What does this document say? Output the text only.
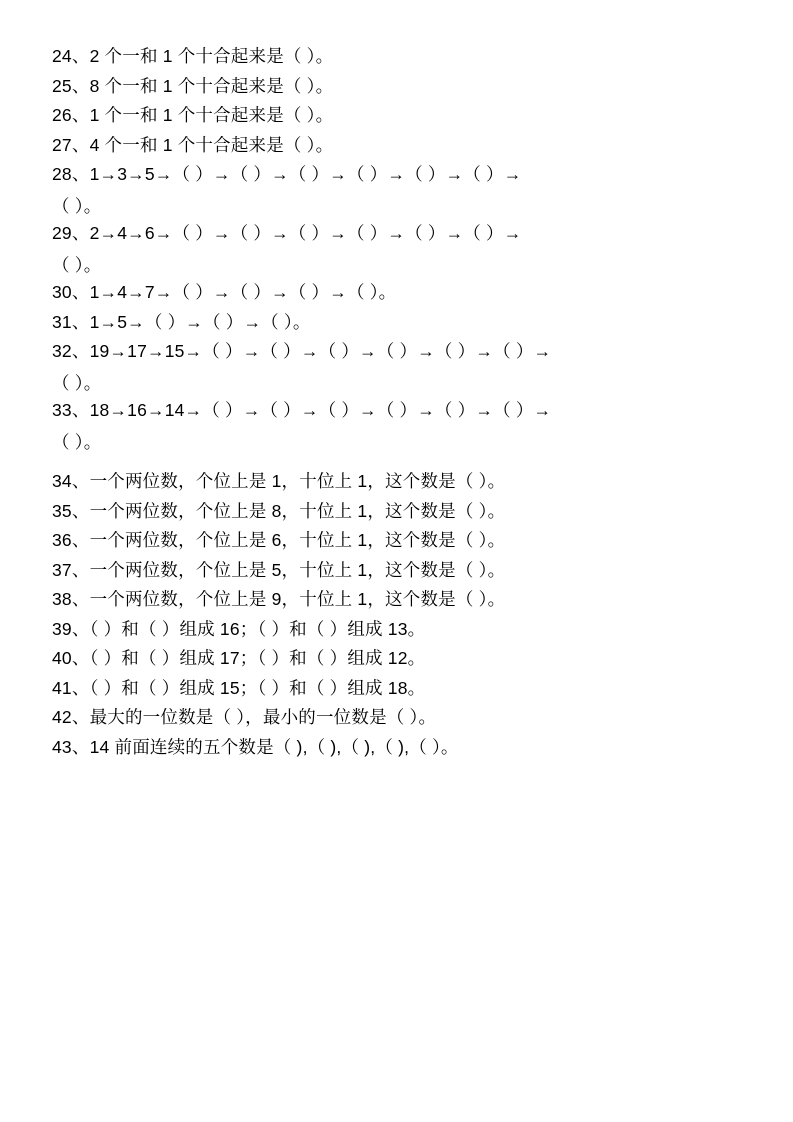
24、2 个一和 1 个十合起来是（ ）。
25、8 个一和 1 个十合起来是（ ）。
26、1 个一和 1 个十合起来是（ ）。
27、4 个一和 1 个十合起来是（ ）。
28、1→3→5→（ ）→（ ）→（ ）→（ ）→（ ）→（ ）→
（ ）。
29、2→4→6→（ ）→（ ）→（ ）→（ ）→（ ）→（ ）→
（ ）。
30、1→4→7→（ ）→（ ）→（ ）→（ ）。
31、1→5→（ ）→（ ）→（ ）。
32、19→17→15→（ ）→（ ）→（ ）→（ ）→（ ）→（ ）→
（ ）。
33、18→16→14→（ ）→（ ）→（ ）→（ ）→（ ）→（ ）→
（ ）。
34、一个两位数，个位上是 1，十位上 1，这个数是（ ）。
35、一个两位数，个位上是 8，十位上 1，这个数是（ ）。
36、一个两位数，个位上是 6，十位上 1，这个数是（ ）。
37、一个两位数，个位上是 5，十位上 1，这个数是（ ）。
38、一个两位数，个位上是 9，十位上 1，这个数是（ ）。
39、（ ）和（ ）组成 16；（ ）和（ ）组成 13。
40、（ ）和（ ）组成 17；（ ）和（ ）组成 12。
41、（ ）和（ ）组成 15；（ ）和（ ）组成 18。
42、最大的一位数是（ ），最小的一位数是（ ）。
43、14 前面连续的五个数是（ ),（ ),（ ),（ ),（ ）。
